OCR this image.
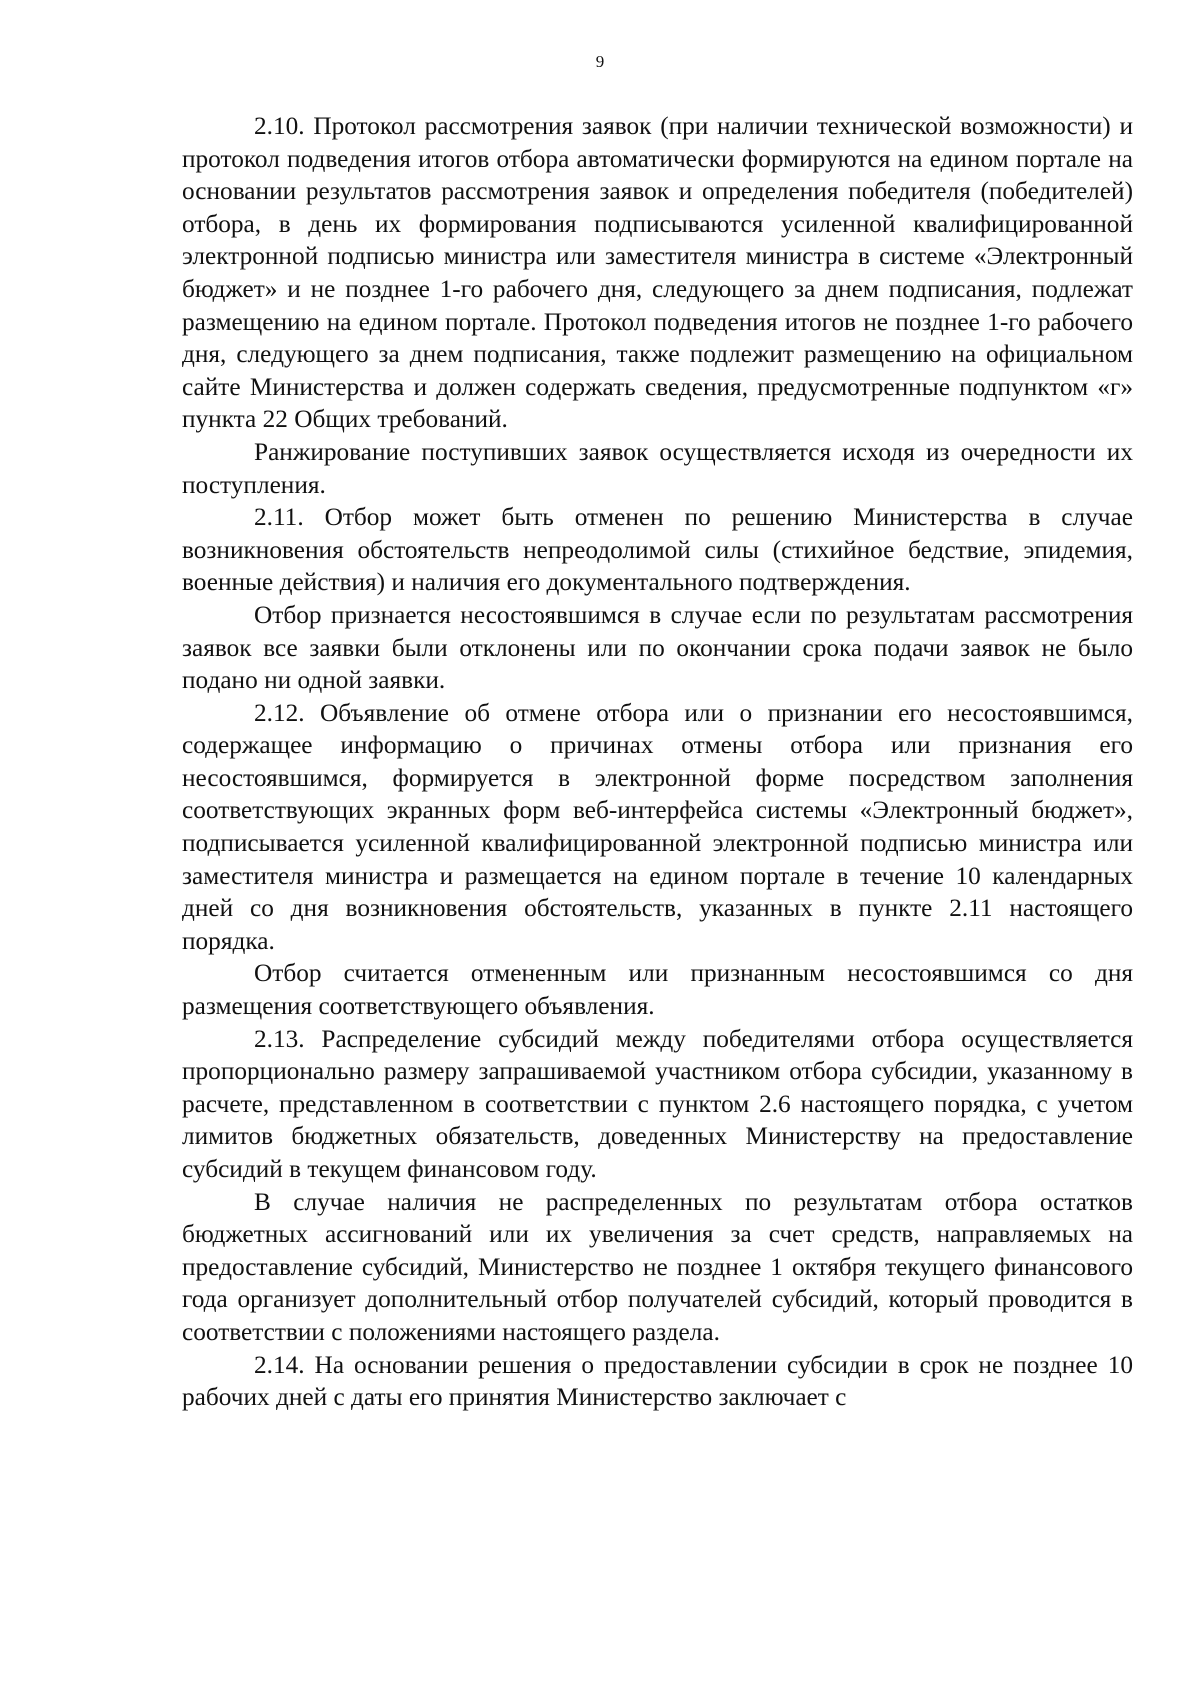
9

2.10. Протокол рассмотрения заявок (при наличии технической возможности) и протокол подведения итогов отбора автоматически формируются на едином портале на основании результатов рассмотрения заявок и определения победителя (победителей) отбора, в день их формирования подписываются усиленной квалифицированной электронной подписью министра или заместителя министра в системе «Электронный бюджет» и не позднее 1-го рабочего дня, следующего за днем подписания, подлежат размещению на едином портале. Протокол подведения итогов не позднее 1-го рабочего дня, следующего за днем подписания, также подлежит размещению на официальном сайте Министерства и должен содержать сведения, предусмотренные подпунктом «г» пункта 22 Общих требований.

Ранжирование поступивших заявок осуществляется исходя из очередности их поступления.

2.11. Отбор может быть отменен по решению Министерства в случае возникновения обстоятельств непреодолимой силы (стихийное бедствие, эпидемия, военные действия) и наличия его документального подтверждения.

Отбор признается несостоявшимся в случае если по результатам рассмотрения заявок все заявки были отклонены или по окончании срока подачи заявок не было подано ни одной заявки.

2.12. Объявление об отмене отбора или о признании его несостоявшимся, содержащее информацию о причинах отмены отбора или признания его несостоявшимся, формируется в электронной форме посредством заполнения соответствующих экранных форм веб-интерфейса системы «Электронный бюджет», подписывается усиленной квалифицированной электронной подписью министра или заместителя министра и размещается на едином портале в течение 10 календарных дней со дня возникновения обстоятельств, указанных в пункте 2.11 настоящего порядка.

Отбор считается отмененным или признанным несостоявшимся со дня размещения соответствующего объявления.

2.13. Распределение субсидий между победителями отбора осуществляется пропорционально размеру запрашиваемой участником отбора субсидии, указанному в расчете, представленном в соответствии с пунктом 2.6 настоящего порядка, с учетом лимитов бюджетных обязательств, доведенных Министерству на предоставление субсидий в текущем финансовом году.

В случае наличия не распределенных по результатам отбора остатков бюджетных ассигнований или их увеличения за счет средств, направляемых на предоставление субсидий, Министерство не позднее 1 октября текущего финансового года организует дополнительный отбор получателей субсидий, который проводится в соответствии с положениями настоящего раздела.

2.14. На основании решения о предоставлении субсидии в срок не позднее 10 рабочих дней с даты его принятия Министерство заключает с
